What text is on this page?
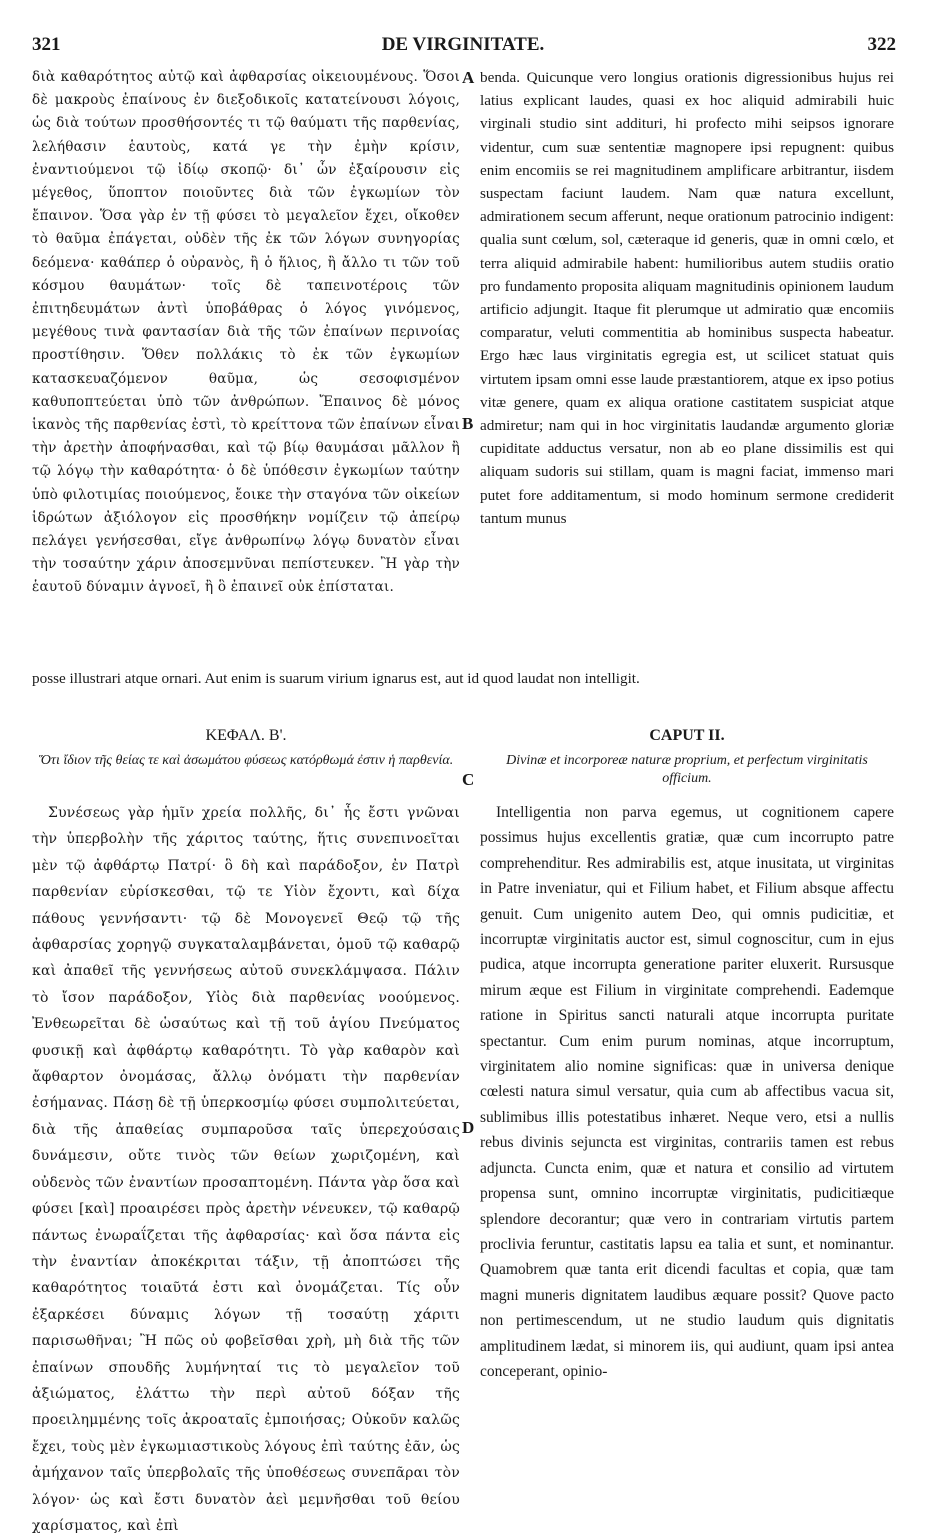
321	DE VIRGINITATE.	322

διὰ καθαρότητος αὐτῷ καὶ ἀφθαρσίας οἰκειουμένους. Ὅσοι δὲ μακροὺς ἐπαίνους ἐν διεξοδικοῖς κατατείνουσι λόγοις, ὡς διὰ τούτων προσθήσοντές τι τῷ θαύματι τῆς παρθενίας, λελήθασιν ἑαυτοὺς, κατά γε τὴν ἐμὴν κρίσιν, ἐναντιούμενοι τῷ ἰδίῳ σκοπῷ· δι᾽ ὧν ἐξαίρουσιν εἰς μέγεθος, ὕποπτον ποιοῦντες διὰ τῶν ἐγκωμίων τὸν ἔπαινον. Ὅσα γὰρ ἐν τῇ φύσει τὸ μεγαλεῖον ἔχει, οἴκοθεν τὸ θαῦμα ἐπάγεται, οὐδὲν τῆς ἐκ τῶν λόγων συνηγορίας δεόμενα· καθάπερ ὁ οὐρανὸς, ἢ ὁ ἥλιος, ἢ ἄλλο τι τῶν τοῦ κόσμου θαυμάτων· τοῖς δὲ ταπεινοτέροις τῶν ἐπιτηδευμάτων ἀντὶ ὑποβάθρας ὁ λόγος γινόμενος, μεγέθους τινὰ φαντασίαν διὰ τῆς τῶν ἐπαίνων περινοίας προστίθησιν. Ὅθεν πολλάκις τὸ ἐκ τῶν ἐγκωμίων κατασκευαζόμενον θαῦμα, ὡς σεσοφισμένον καθυποπτεύεται ὑπὸ τῶν ἀνθρώπων. Ἔπαινος δὲ μόνος ἱκανὸς τῆς παρθενίας ἐστὶ, τὸ κρείττονα τῶν ἐπαίνων εἶναι τὴν ἀρετὴν ἀποφήνασθαι, καὶ τῷ βίῳ θαυμάσαι μᾶλλον ἢ τῷ λόγῳ τὴν καθαρότητα· ὁ δὲ ὑπόθεσιν ἐγκωμίων ταύτην ὑπὸ φιλοτιμίας ποιούμενος, ἔοικε τὴν σταγόνα τῶν οἰκείων ἱδρώτων ἀξιόλογον εἰς προσθήκην νομίζειν τῷ ἀπείρῳ πελάγει γενήσεσθαι, εἴγε ἀνθρωπίνῳ λόγῳ δυνατὸν εἶναι τὴν τοσαύτην χάριν ἀποσεμνῦναι πεπίστευκεν. Ἢ γὰρ τὴν ἑαυτοῦ δύναμιν ἀγνοεῖ, ἢ ὃ ἐπαινεῖ οὐκ ἐπίσταται.

benda. Quicunque vero longius orationis digressionibus hujus rei latius explicant laudes, quasi ex hoc aliquid admirabili huic virginali studio sint addituri, hi profecto mihi seipsos ignorare videntur, cum suæ sententiæ magnopere ipsi repugnent: quibus enim encomiis se rei magnitudinem amplificare arbitrantur, iisdem suspectam faciunt laudem. Nam quæ natura excellunt, admirationem secum afferunt, neque orationum patrocinio indigent: qualia sunt cœlum, sol, cæteraque id generis, quæ in omni cœlo, et terra aliquid admirabile habent: humilioribus autem studiis oratio pro fundamento proposita aliquam magnitudinis opinionem laudum artificio adjungit. Itaque fit plerumque ut admiratio quæ encomiis comparatur, veluti commentitia ab hominibus suspecta habeatur. Ergo hæc laus virginitatis egregia est, ut scilicet statuat quis virtutem ipsam omni esse laude præstantiorem, atque ex ipso potius vitæ genere, quam ex aliqua oratione castitatem suspiciat atque admiretur; nam qui in hoc virginitatis laudandæ argumento gloriæ cupiditate adductus versatur, non ab eo plane dissimilis est qui aliquam sudoris sui stillam, quam is magni faciat, immenso mari putet fore additamentum, si modo hominum sermone crediderit tantum munus

A
B
C
D

posse illustrari atque ornari. Aut enim is suarum virium ignarus est, aut id quod laudat non intelligit.

ΚΕΦΑΛ. Β'.	CAPUT II.
Ὅτι ἴδιον τῆς θείας τε καὶ ἀσωμάτου φύσεως κατόρθωμά ἐστιν ἡ παρθενία.	Divinæ et incorporeæ naturæ proprium, et perfectum virginitatis officium.

Συνέσεως γὰρ ἡμῖν χρεία πολλῆς, δι᾽ ἧς ἔστι γνῶναι τὴν ὑπερβολὴν τῆς χάριτος ταύτης, ἥτις συνεπινοεῖται μὲν τῷ ἀφθάρτῳ Πατρί· ὃ δὴ καὶ παράδοξον, ἐν Πατρὶ παρθενίαν εὑρίσκεσθαι, τῷ τε Υἱὸν ἔχοντι, καὶ δίχα πάθους γεννήσαντι· τῷ δὲ Μονογενεῖ Θεῷ τῷ τῆς ἀφθαρσίας χορηγῷ συγκαταλαμβάνεται, ὁμοῦ τῷ καθαρῷ καὶ ἀπαθεῖ τῆς γεννήσεως αὐτοῦ συνεκλάμψασα. Πάλιν τὸ ἴσον παράδοξον, Υἱὸς διὰ παρθενίας νοούμενος. Ἐνθεωρεῖται δὲ ὡσαύτως καὶ τῇ τοῦ ἁγίου Πνεύματος φυσικῇ καὶ ἀφθάρτῳ καθαρότητι. Τὸ γὰρ καθαρὸν καὶ ἄφθαρτον ὀνομάσας, ἄλλῳ ὀνόματι τὴν παρθενίαν ἐσήμανας. Πάσῃ δὲ τῇ ὑπερκοσμίῳ φύσει συμπολιτεύεται, διὰ τῆς ἀπαθείας συμπαροῦσα ταῖς ὑπερεχούσαις δυνάμεσιν, οὔτε τινὸς τῶν θείων χωριζομένη, καὶ οὐδενὸς τῶν ἐναντίων προσαπτομένη. Πάντα γὰρ ὅσα καὶ φύσει [καὶ] προαιρέσει πρὸς ἀρετὴν νένευκεν, τῷ καθαρῷ πάντως ἐνωραΐζεται τῆς ἀφθαρσίας· καὶ ὅσα πάντα εἰς τὴν ἐναντίαν ἀποκέκριται τάξιν, τῇ ἀποπτώσει τῆς καθαρότητος τοιαῦτά ἐστι καὶ ὀνομάζεται. Τίς οὖν ἐξαρκέσει δύναμις λόγων τῇ τοσαύτῃ χάριτι παρισωθῆναι; Ἢ πῶς οὐ φοβεῖσθαι χρὴ, μὴ διὰ τῆς τῶν ἐπαίνων σπουδῆς λυμήνηταί τις τὸ μεγαλεῖον τοῦ ἀξιώματος, ἐλάττω τὴν περὶ αὐτοῦ δόξαν τῆς προειλημμένης τοῖς ἀκροαταῖς ἐμποιήσας; Οὐκοῦν καλῶς ἔχει, τοὺς μὲν ἐγκωμιαστικοὺς λόγους ἐπὶ ταύτης ἐᾶν, ὡς ἀμήχανον ταῖς ὑπερβολαῖς τῆς ὑποθέσεως συνεπᾶραι τὸν λόγον· ὡς καὶ ἔστι δυνατὸν ἀεὶ μεμνῆσθαι τοῦ θείου χαρίσματος, καὶ ἐπὶ

Intelligentia non parva egemus, ut cognitionem capere possimus hujus excellentis gratiæ, quæ cum incorrupto patre comprehenditur. Res admirabilis est, atque inusitata, ut virginitas in Patre inveniatur, qui et Filium habet, et Filium absque affectu genuit. Cum unigenito autem Deo, qui omnis pudicitiæ, et incorruptæ virginitatis auctor est, simul cognoscitur, cum in ejus pudica, atque incorrupta generatione pariter eluxerit. Rursusque mirum æque est Filium in virginitate comprehendi. Eademque ratione in Spiritus sancti naturali atque incorrupta puritate spectantur. Cum enim purum nominas, atque incorruptum, virginitatem alio nomine significas: quæ in universa denique cœlesti natura simul versatur, quia cum ab affectibus vacua sit, sublimibus illis potestatibus inhæret. Neque vero, etsi a nullis rebus divinis sejuncta est virginitas, contrariis tamen est rebus adjuncta. Cuncta enim, quæ et natura et consilio ad virtutem propensa sunt, omnino incorruptæ virginitatis, pudicitiæque splendore decorantur; quæ vero in contrariam virtutis partem proclivia feruntur, castitatis lapsu ea talia et sunt, et nominantur. Quamobrem quæ tanta erit dicendi facultas et copia, quæ tam magni muneris dignitatem laudibus æquare possit? Quove pacto non pertimescendum, ut ne studio laudum quis dignitatis amplitudinem lædat, si minorem iis, qui audiunt, quam ipsi antea conceperant, opinio-
